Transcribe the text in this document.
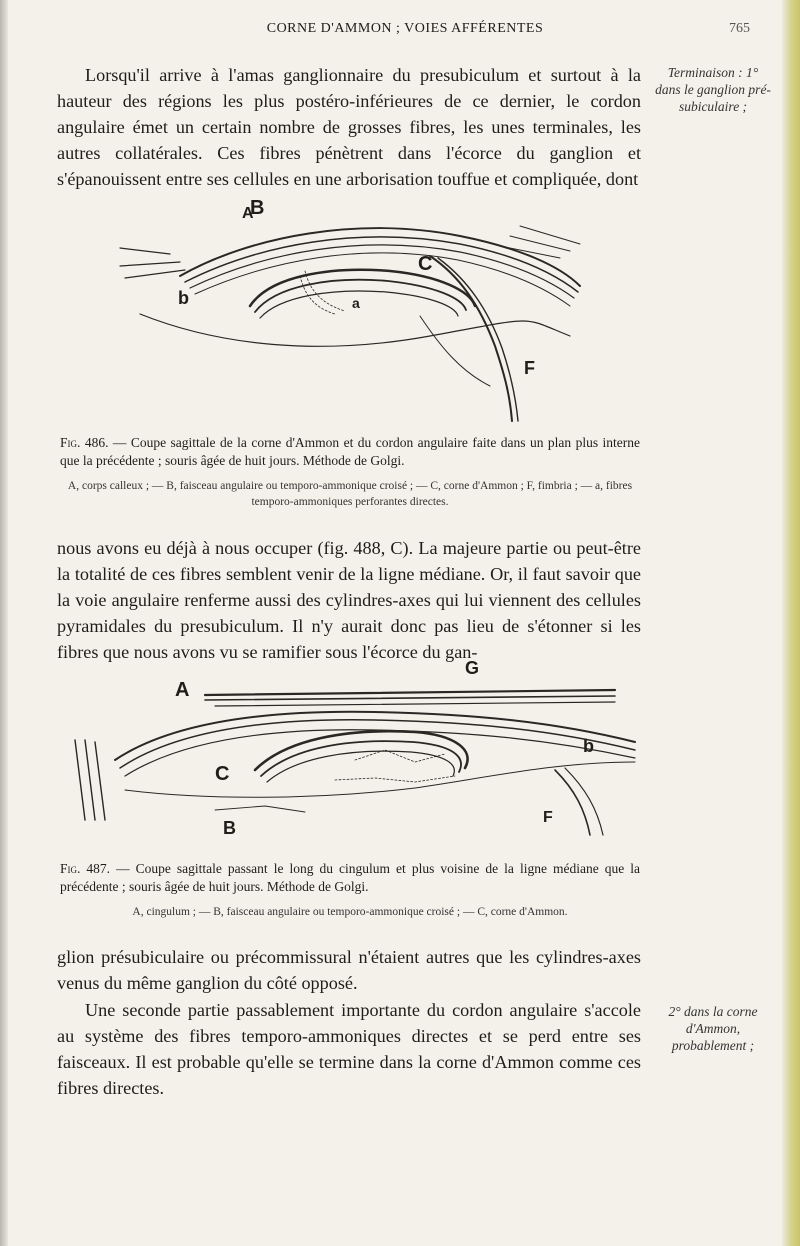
CORNE D'AMMON ; VOIES AFFÉRENTES	765

Lorsqu'il arrive à l'amas ganglionnaire du presubiculum et surtout à la hauteur des régions les plus postéro-inférieures de ce dernier, le cordon angulaire émet un certain nombre de grosses fibres, les unes terminales, les autres collatérales. Ces fibres pénètrent dans l'écorce du ganglion et s'épanouissent entre ses cellules en une arborisation touffue et compliquée, dont

Terminaison : 1° dans le ganglion pré-subiculaire ;
A
B
C
b	a
F

Fig. 486. — Coupe sagittale de la corne d'Ammon et du cordon angulaire faite dans un plan plus interne que la précédente ; souris âgée de huit jours. Méthode de Golgi.

A, corps calleux ; — B, faisceau angulaire ou temporo-ammonique croisé ; — C, corne d'Ammon ; F, fimbria ; — a, fibres temporo-ammoniques perforantes directes.

nous avons eu déjà à nous occuper (fig. 488, C). La majeure partie ou peut-être la totalité de ces fibres semblent venir de la ligne médiane. Or, il faut savoir que la voie angulaire renferme aussi des cylindres-axes qui lui viennent des cellules pyramidales du presubiculum. Il n'y aurait donc pas lieu de s'étonner si les fibres que nous avons vu se ramifier sous l'écorce du gan-

A
G
C
b
B
F

Fig. 487. — Coupe sagittale passant le long du cingulum et plus voisine de la ligne médiane que la précédente ; souris âgée de huit jours. Méthode de Golgi.

A, cingulum ; — B, faisceau angulaire ou temporo-ammonique croisé ; — C, corne d'Ammon.

glion présubiculaire ou précommissural n'étaient autres que les cylindres-axes venus du même ganglion du côté opposé.

Une seconde partie passablement importante du cordon angulaire s'accole au système des fibres temporo-ammoniques directes et se perd entre ses faisceaux. Il est probable qu'elle se termine dans la corne d'Ammon comme ces fibres directes.

2° dans la corne d'Ammon, probablement ;
